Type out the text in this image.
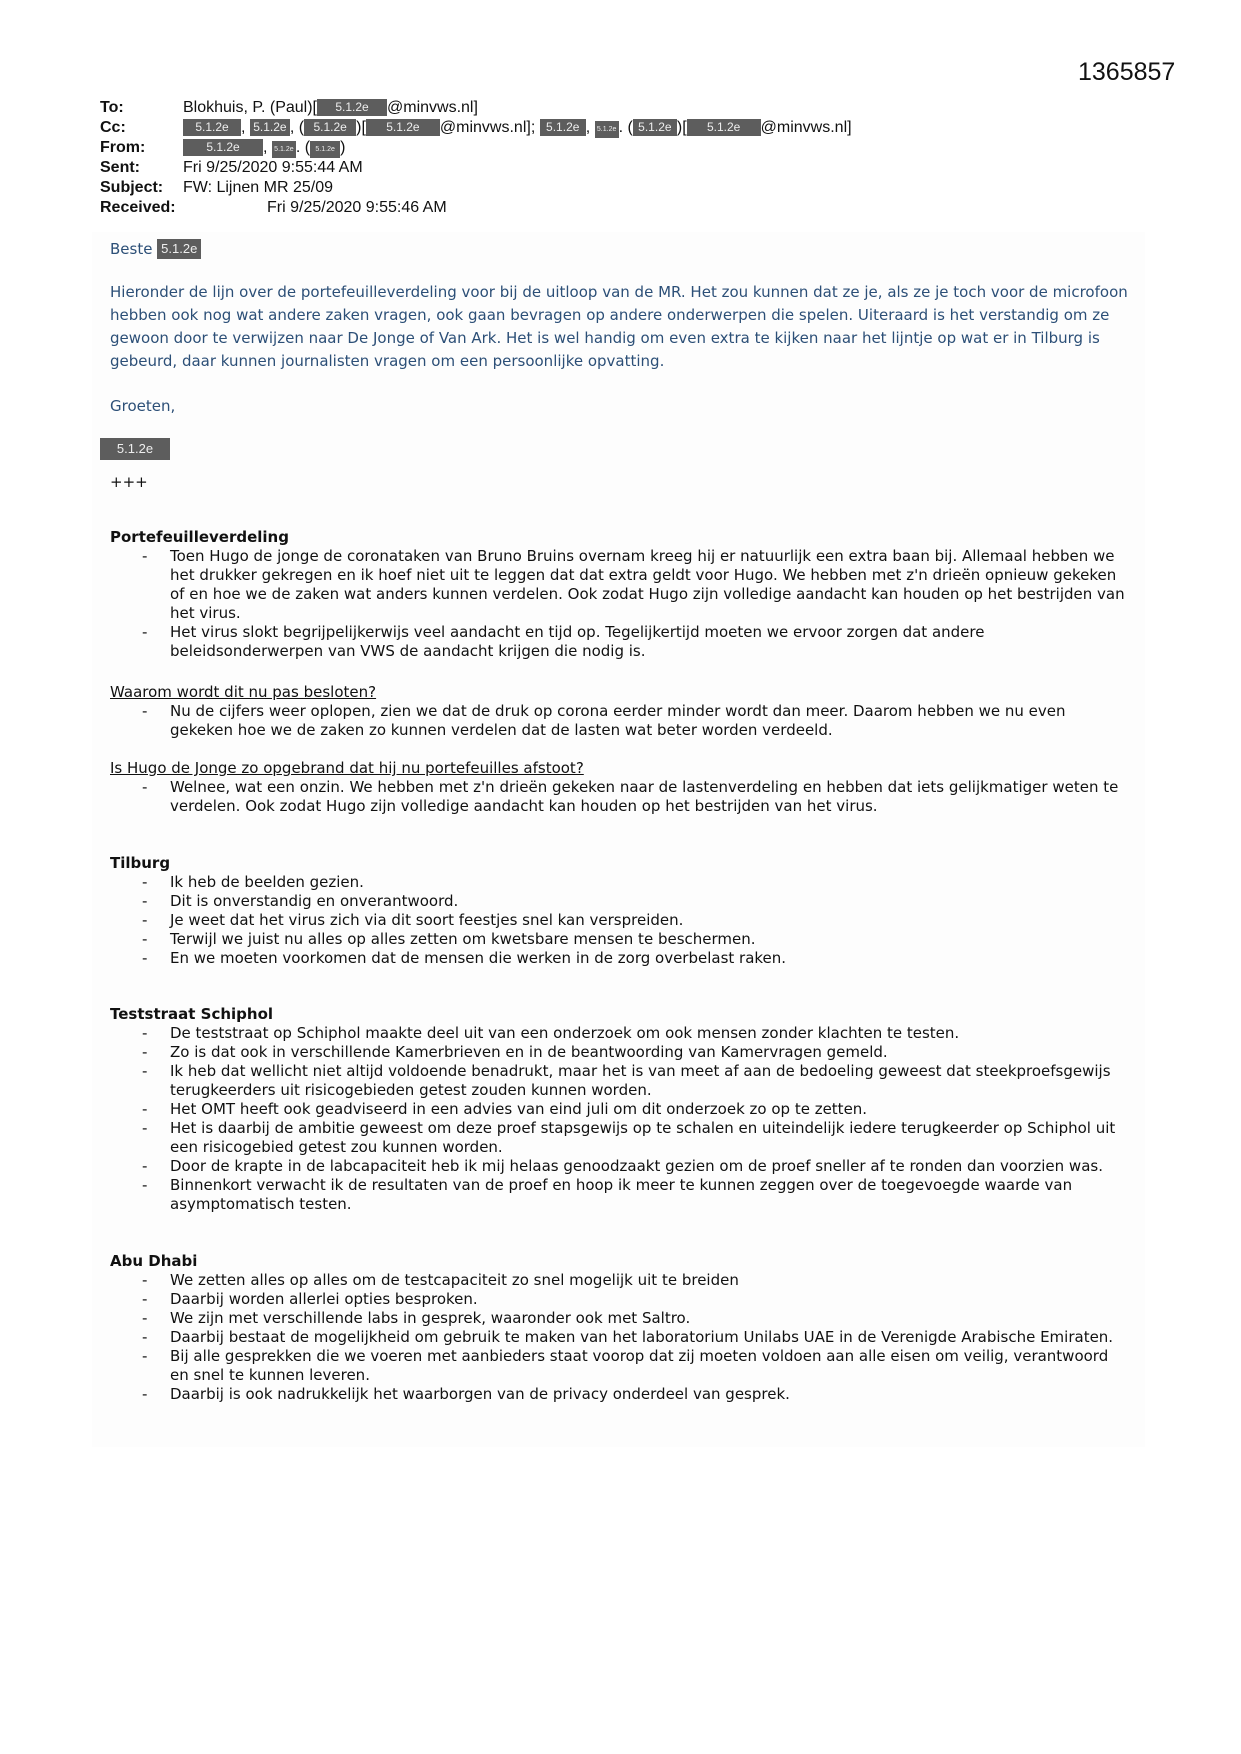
1365857
To:	Blokhuis, P. (Paul)[ 5.1.2e @minvws.nl]
Cc:	5.1.2e , 5.1.2e , ( 5.1.2e )[ 5.1.2e @minvws.nl]; 5.1.2e , 5.1.2e . ( 5.1.2e )[ 5.1.2e @minvws.nl]
From:	5.1.2e , 5.1.2e . ( 5.1.2e )
Sent:	Fri 9/25/2020 9:55:44 AM
Subject: FW: Lijnen MR 25/09
Received:	Fri 9/25/2020 9:55:46 AM

Beste 5.1.2e

Hieronder de lijn over de portefeuilleverdeling voor bij de uitloop van de MR. Het zou kunnen dat ze je, als ze je toch voor de microfoon hebben ook nog wat andere zaken vragen, ook gaan bevragen op andere onderwerpen die spelen. Uiteraard is het verstandig om ze gewoon door te verwijzen naar De Jonge of Van Ark. Het is wel handig om even extra te kijken naar het lijntje op wat er in Tilburg is gebeurd, daar kunnen journalisten vragen om een persoonlijke opvatting.

Groeten,

5.1.2e

+++

Portefeuilleverdeling

- Toen Hugo de jonge de coronataken van Bruno Bruins overnam kreeg hij er natuurlijk een extra baan bij. Allemaal hebben we het drukker gekregen en ik hoef niet uit te leggen dat dat extra geldt voor Hugo. We hebben met z'n drieën opnieuw gekeken of en hoe we de zaken wat anders kunnen verdelen. Ook zodat Hugo zijn volledige aandacht kan houden op het bestrijden van het virus.
- Het virus slokt begrijpelijkerwijs veel aandacht en tijd op. Tegelijkertijd moeten we ervoor zorgen dat andere beleidsonderwerpen van VWS de aandacht krijgen die nodig is.

Waarom wordt dit nu pas besloten?

- Nu de cijfers weer oplopen, zien we dat de druk op corona eerder minder wordt dan meer. Daarom hebben we nu even gekeken hoe we de zaken zo kunnen verdelen dat de lasten wat beter worden verdeeld.

Is Hugo de Jonge zo opgebrand dat hij nu portefeuilles afstoot?

- Welnee, wat een onzin. We hebben met z'n drieën gekeken naar de lastenverdeling en hebben dat iets gelijkmatiger weten te verdelen. Ook zodat Hugo zijn volledige aandacht kan houden op het bestrijden van het virus.

Tilburg

- Ik heb de beelden gezien.
- Dit is onverstandig en onverantwoord.
- Je weet dat het virus zich via dit soort feestjes snel kan verspreiden.
- Terwijl we juist nu alles op alles zetten om kwetsbare mensen te beschermen.
- En we moeten voorkomen dat de mensen die werken in de zorg overbelast raken.

Teststraat Schiphol

- De teststraat op Schiphol maakte deel uit van een onderzoek om ook mensen zonder klachten te testen.
- Zo is dat ook in verschillende Kamerbrieven en in de beantwoording van Kamervragen gemeld.
- Ik heb dat wellicht niet altijd voldoende benadrukt, maar het is van meet af aan de bedoeling geweest dat steekproefsgewijs terugkeerders uit risicogebieden getest zouden kunnen worden.
- Het OMT heeft ook geadviseerd in een advies van eind juli om dit onderzoek zo op te zetten.
- Het is daarbij de ambitie geweest om deze proef stapsgewijs op te schalen en uiteindelijk iedere terugkeerder op Schiphol uit een risicogebied getest zou kunnen worden.
- Door de krapte in de labcapaciteit heb ik mij helaas genoodzaakt gezien om de proef sneller af te ronden dan voorzien was.
- Binnenkort verwacht ik de resultaten van de proef en hoop ik meer te kunnen zeggen over de toegevoegde waarde van asymptomatisch testen.

Abu Dhabi

- We zetten alles op alles om de testcapaciteit zo snel mogelijk uit te breiden
- Daarbij worden allerlei opties besproken.
- We zijn met verschillende labs in gesprek, waaronder ook met Saltro.
- Daarbij bestaat de mogelijkheid om gebruik te maken van het laboratorium Unilabs UAE in de Verenigde Arabische Emiraten.
- Bij alle gesprekken die we voeren met aanbieders staat voorop dat zij moeten voldoen aan alle eisen om veilig, verantwoord en snel te kunnen leveren.
- Daarbij is ook nadrukkelijk het waarborgen van de privacy onderdeel van gesprek.
